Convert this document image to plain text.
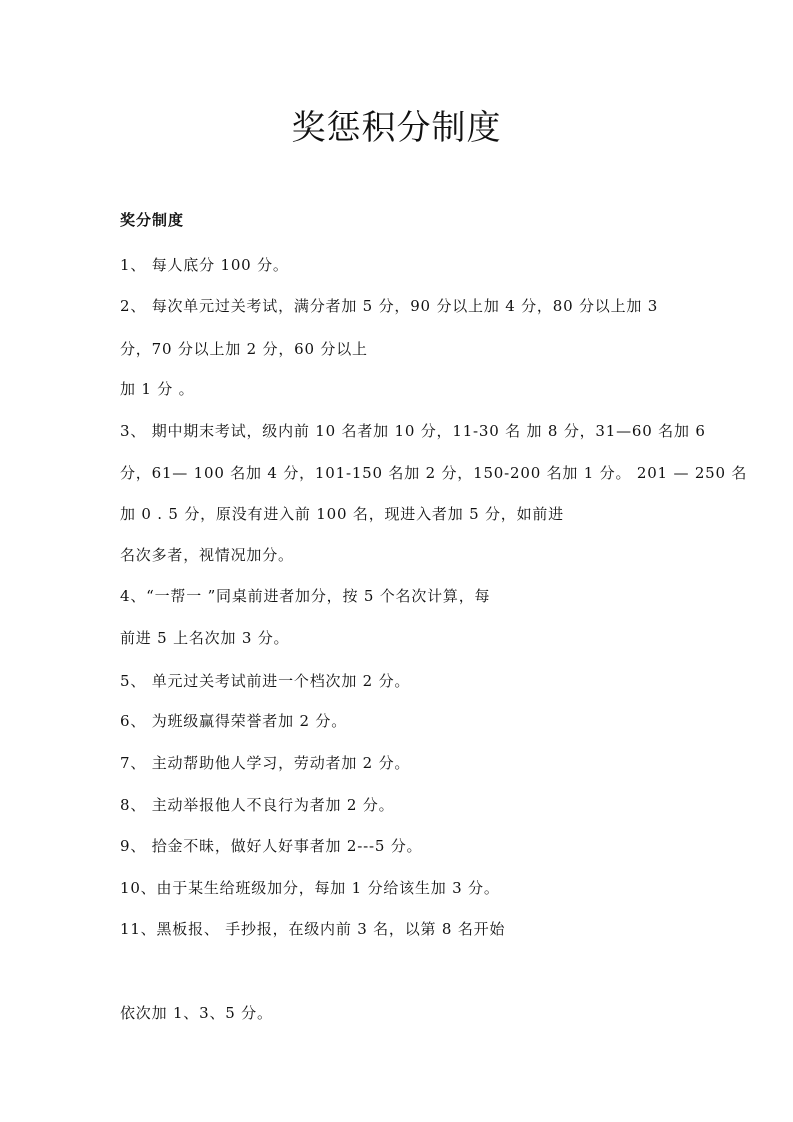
奖惩积分制度
奖分制度
1、 每人底分 100 分。
2、 每次单元过关考试，满分者加 5 分，90 分以上加 4 分，80 分以上加 3
分，70 分以上加 2 分，60 分以上
加 1 分 。
3、 期中期末考试，级内前 10 名者加 10 分，11-30 名 加 8 分，31—60 名加 6
分，61— 100 名加 4 分，101-150 名加 2 分，150-200 名加 1 分。 201 — 250 名
加 0 . 5 分，原没有进入前 100 名，现进入者加 5 分，如前进
名次多者，视情况加分。
4、“一帮一 ”同桌前进者加分，按 5 个名次计算，每
前进 5 上名次加 3 分。
5、 单元过关考试前进一个档次加 2 分。
6、 为班级赢得荣誉者加 2 分。
7、 主动帮助他人学习，劳动者加 2 分。
8、 主动举报他人不良行为者加 2 分。
9、 拾金不昧，做好人好事者加 2---5 分。
10、由于某生给班级加分，每加 1 分给该生加 3 分。
11、黑板报、 手抄报，在级内前 3 名，以第 8 名开始
依次加 1、3、5 分。
